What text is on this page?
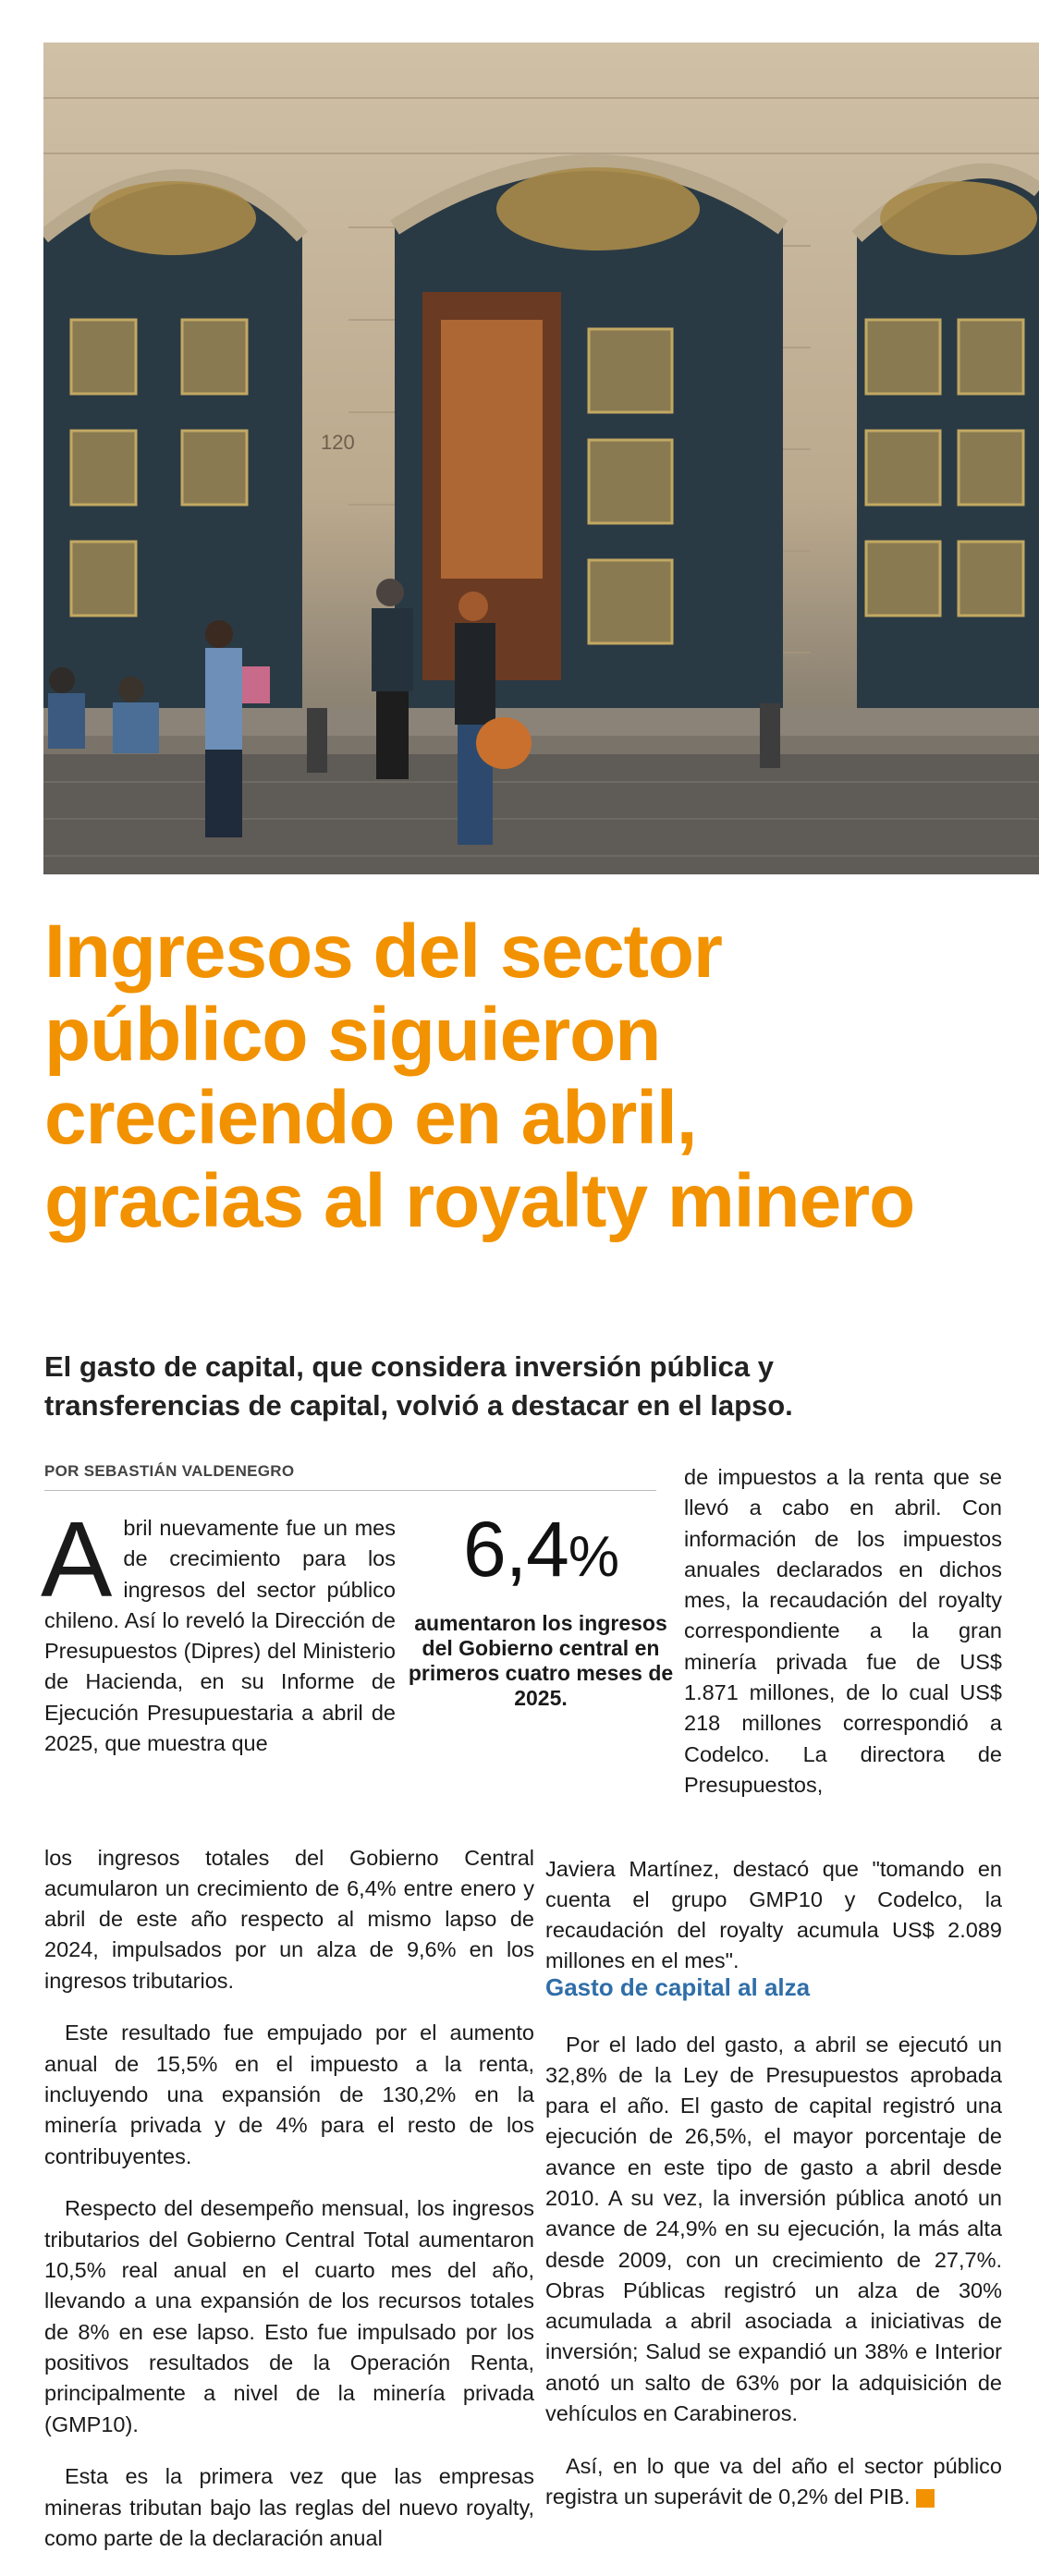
120
Ingresos del sector
público siguieron
creciendo en abril,
gracias al royalty minero

El gasto de capital, que considera inversión pública y
transferencias de capital, volvió a destacar en el lapso.

POR SEBASTIÁN VALDENEGRO
Abril nuevamente fue un mes de crecimiento para los ingresos del sector público chileno. Así lo reveló la Dirección de Presupuestos (Dipres) del Ministerio de Hacienda, en su Informe de Ejecución Presupuestaria a abril de 2025, que muestra que
6,4%
aumentaron los ingresos del Gobierno central en primeros cuatro meses de 2025.

los ingresos totales del Gobierno Central acumularon un crecimiento de 6,4% entre enero y abril de este año respecto al mismo lapso de 2024, impulsados por un alza de 9,6% en los ingresos tributarios.

Este resultado fue empujado por el aumento anual de 15,5% en el impuesto a la renta, incluyendo una expansión de 130,2% en la minería privada y de 4% para el resto de los contribuyentes.

Respecto del desempeño mensual, los ingresos tributarios del Gobierno Central Total aumentaron 10,5% real anual en el cuarto mes del año, llevando a una expansión de los recursos totales de 8% en ese lapso. Esto fue impulsado por los positivos resultados de la Operación Renta, principalmente a nivel de la minería privada (GMP10).

Esta es la primera vez que las empresas mineras tributan bajo las reglas del nuevo royalty, como parte de la declaración anual

de impuestos a la renta que se llevó a cabo en abril. Con información de los impuestos anuales declarados en dichos mes, la recaudación del royalty correspondiente a la gran minería privada fue de US$ 1.871 millones, de lo cual US$ 218 millones correspondió a Codelco. La directora de Presupuestos,

Javiera Martínez, destacó que "tomando en cuenta el grupo GMP10 y Codelco, la recaudación del royalty acumula US$ 2.089 millones en el mes".

Gasto de capital al alza

Por el lado del gasto, a abril se ejecutó un 32,8% de la Ley de Presupuestos aprobada para el año. El gasto de capital registró una ejecución de 26,5%, el mayor porcentaje de avance en este tipo de gasto a abril desde 2010. A su vez, la inversión pública anotó un avance de 24,9% en su ejecución, la más alta desde 2009, con un crecimiento de 27,7%. Obras Públicas registró un alza de 30% acumulada a abril asociada a iniciativas de inversión; Salud se expandió un 38% e Interior anotó un salto de 63% por la adquisición de vehículos en Carabineros.

Así, en lo que va del año el sector público registra un superávit de 0,2% del PIB. S
